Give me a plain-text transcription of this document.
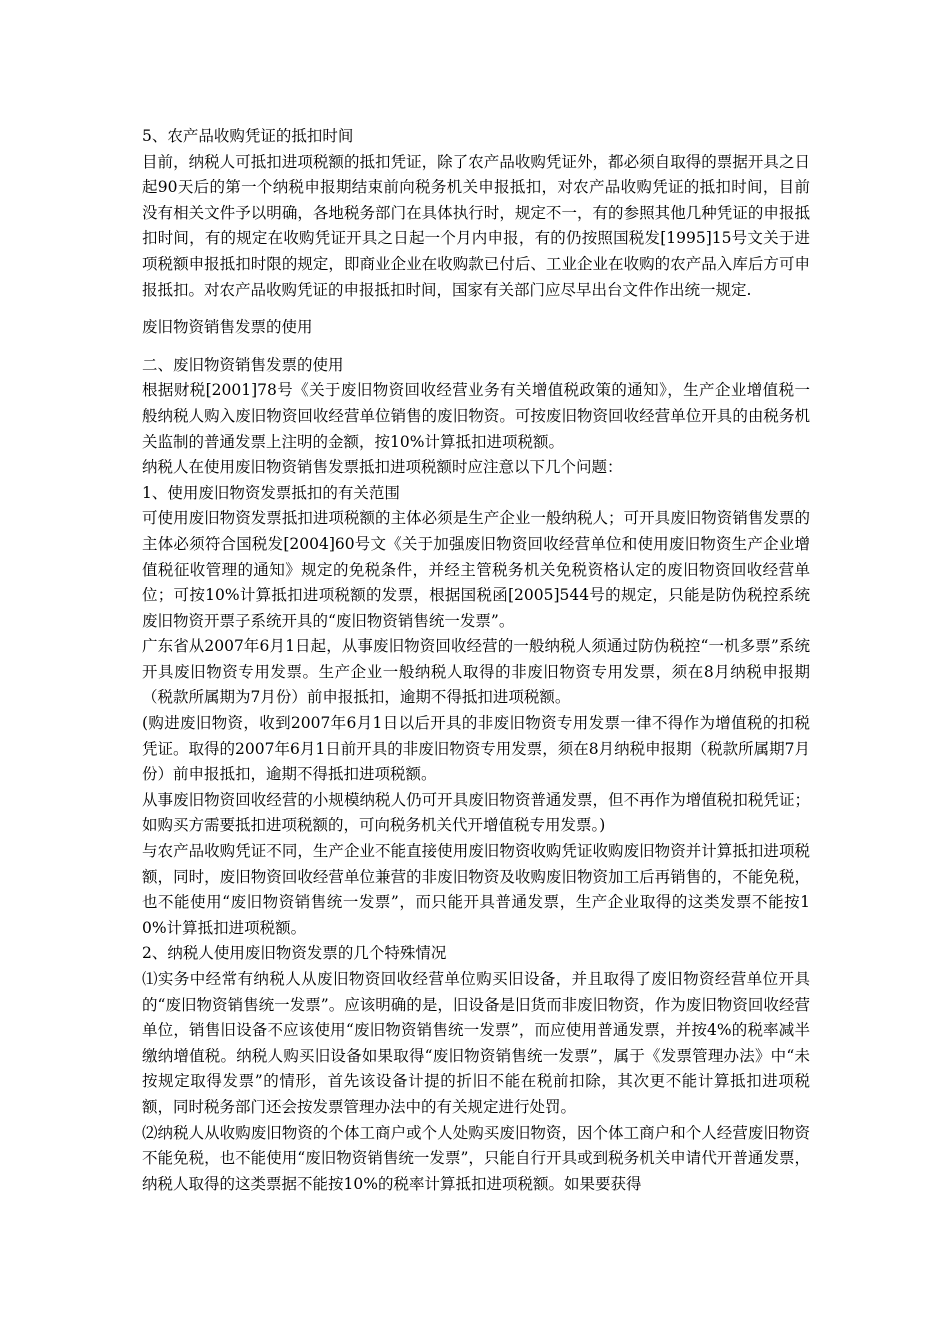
5、农产品收购凭证的抵扣时间

目前，纳税人可抵扣进项税额的抵扣凭证，除了农产品收购凭证外，都必须自取得的票据开具之日起90天后的第一个纳税申报期结束前向税务机关申报抵扣，对农产品收购凭证的抵扣时间，目前没有相关文件予以明确，各地税务部门在具体执行时，规定不一，有的参照其他几种凭证的申报抵扣时间，有的规定在收购凭证开具之日起一个月内申报，有的仍按照国税发[1995]15号文关于进项税额申报抵扣时限的规定，即商业企业在收购款已付后、工业企业在收购的农产品入库后方可申报抵扣。对农产品收购凭证的申报抵扣时间，国家有关部门应尽早出台文件作出统一规定.

废旧物资销售发票的使用

二、废旧物资销售发票的使用

根据财税[2001]78号《关于废旧物资回收经营业务有关增值税政策的通知》，生产企业增值税一般纳税人购入废旧物资回收经营单位销售的废旧物资。可按废旧物资回收经营单位开具的由税务机关监制的普通发票上注明的金额，按10%计算抵扣进项税额。

纳税人在使用废旧物资销售发票抵扣进项税额时应注意以下几个问题：

1、使用废旧物资发票抵扣的有关范围

可使用废旧物资发票抵扣进项税额的主体必须是生产企业一般纳税人；可开具废旧物资销售发票的主体必须符合国税发[2004]60号文《关于加强废旧物资回收经营单位和使用废旧物资生产企业增值税征收管理的通知》规定的免税条件，并经主管税务机关免税资格认定的废旧物资回收经营单位；可按10%计算抵扣进项税额的发票，根据国税函[2005]544号的规定，只能是防伪税控系统废旧物资开票子系统开具的“废旧物资销售统一发票”。

广东省从2007年6月1日起，从事废旧物资回收经营的一般纳税人须通过防伪税控“一机多票”系统开具废旧物资专用发票。生产企业一般纳税人取得的非废旧物资专用发票，须在8月纳税申报期（税款所属期为7月份）前申报抵扣，逾期不得抵扣进项税额。

(购进废旧物资，收到2007年6月1日以后开具的非废旧物资专用发票一律不得作为增值税的扣税凭证。取得的2007年6月1日前开具的非废旧物资专用发票，须在8月纳税申报期（税款所属期7月份）前申报抵扣，逾期不得抵扣进项税额。

从事废旧物资回收经营的小规模纳税人仍可开具废旧物资普通发票，但不再作为增值税扣税凭证；如购买方需要抵扣进项税额的，可向税务机关代开增值税专用发票。)

与农产品收购凭证不同，生产企业不能直接使用废旧物资收购凭证收购废旧物资并计算抵扣进项税额，同时，废旧物资回收经营单位兼营的非废旧物资及收购废旧物资加工后再销售的，不能免税，也不能使用“废旧物资销售统一发票”，而只能开具普通发票，生产企业取得的这类发票不能按10%计算抵扣进项税额。

2、纳税人使用废旧物资发票的几个特殊情况

⑴实务中经常有纳税人从废旧物资回收经营单位购买旧设备，并且取得了废旧物资经营单位开具的“废旧物资销售统一发票”。应该明确的是，旧设备是旧货而非废旧物资，作为废旧物资回收经营单位，销售旧设备不应该使用“废旧物资销售统一发票”，而应使用普通发票，并按4%的税率减半缴纳增值税。纳税人购买旧设备如果取得“废旧物资销售统一发票”，属于《发票管理办法》中“未按规定取得发票”的情形，首先该设备计提的折旧不能在税前扣除，其次更不能计算抵扣进项税额，同时税务部门还会按发票管理办法中的有关规定进行处罚。

⑵纳税人从收购废旧物资的个体工商户或个人处购买废旧物资，因个体工商户和个人经营废旧物资不能免税，也不能使用“废旧物资销售统一发票”，只能自行开具或到税务机关申请代开普通发票，纳税人取得的这类票据不能按10%的税率计算抵扣进项税额。如果要获得
